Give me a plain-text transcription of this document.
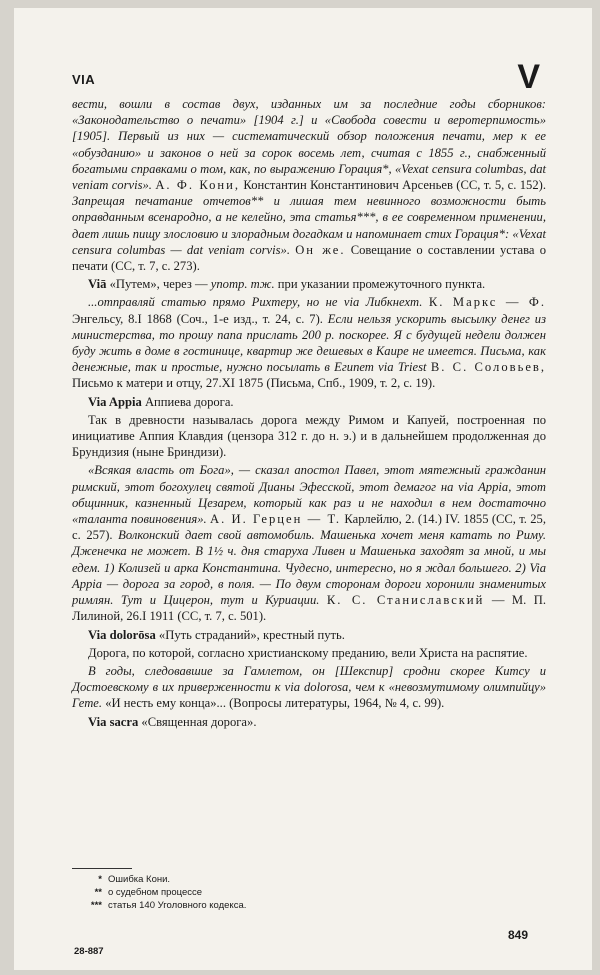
VIA	V

вести, вошли в состав двух, изданных им за последние годы сборников: «Законодательство о печати» [1904 г.] и «Свобода совести и веротерпимость» [1905]. Первый из них — систематический обзор положения печати, мер к ее «обузданию» и законов о ней за сорок восемь лет, считая с 1855 г., снабженный богатыми справками о том, как, по выражению Горация*, «Vexat censura columbas, dat veniam corvis». А. Ф. Кони, Константин Константинович Арсеньев (СС, т. 5, с. 152). Запрещая печатание отчетов** и лишая тем невинного возможности быть оправданным всенародно, а не келейно, эта статья***, в ее современном применении, дает лишь пищу злословию и злорадным догадкам и напоминает стих Горация*: «Vexat censura columbas — dat veniam corvis». Он же. Совещание о составлении устава о печати (СС, т. 7, с. 273).

Viā «Путем», через — употр. тж. при указании промежуточного пункта.

...отправляй статью прямо Рихтеру, но не via Либкнехт. К. Маркс — Ф. Энгельсу, 8.I 1868 (Соч., 1-е изд., т. 24, с. 7). Если нельзя ускорить высылку денег из министерства, то прошу папа прислать 200 р. поскорее. Я с будущей недели должен буду жить в доме в гостинице, квартир же дешевых в Каире не имеется. Письма, как денежные, так и простые, нужно посылать в Египет via Triest В. С. Соловьев, Письмо к матери и отцу, 27.XI 1875 (Письма, Спб., 1909, т. 2, с. 19).

Via Appia Аппиева дорога.

Так в древности называлась дорога между Римом и Капуей, построенная по инициативе Аппия Клавдия (цензора 312 г. до н. э.) и в дальнейшем продолженная до Брундизия (ныне Бриндизи).

«Всякая власть от Бога», — сказал апостол Павел, этот мятежный гражданин римский, этот богохулец святой Дианы Эфесской, этот демагог на via Appia, этот общинник, казненный Цезарем, который как раз и не находил в нем достаточно «таланта повиновения». А. И. Герцен — Т. Карлейлю, 2. (14.) IV. 1855 (СС, т. 25, с. 257). Волконский дает свой автомобиль. Машенька хочет меня катать по Риму. Дженечка не может. В 1½ ч. дня старуха Ливен и Машенька заходят за мной, и мы едем. 1) Колизей и арка Константина. Чудесно, интересно, но я ждал большего. 2) Via Appia — дорога за город, в поля. — По двум сторонам дороги хоронили знаменитых римлян. Тут и Цицерон, тут и Куриации. К. С. Станиславский — М. П. Лилиной, 26.I 1911 (СС, т. 7, с. 501).

Via dolorōsa «Путь страданий», крестный путь.

Дорога, по которой, согласно христианскому преданию, вели Христа на распятие.

В годы, следовавшие за Гамлетом, он [Шекспир] сродни скорее Китсу и Достоевскому в их приверженности к via dolorosa, чем к «невозмутимому олимпийцу» Гете. «И несть ему конца»... (Вопросы литературы, 1964, № 4, с. 99).

Via sacra «Священная дорога».

* Ошибка Кони.
** о судебном процессе
*** статья 140 Уголовного кодекса.
849
28-887
